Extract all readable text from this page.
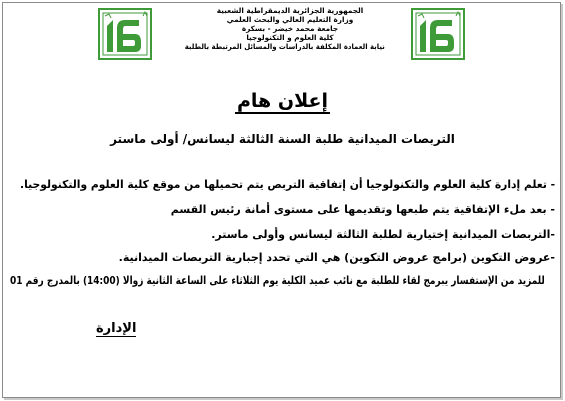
الجمهورية الجزائرية الديمقراطية الشعبية
وزارة التعليم العالي والبحث العلمي
جامعة محمد خيضر - بسكرة
كلية العلوم و التكنولوجيا
نيابة العمادة المكلفة بالدراسات والمسائل المرتبطة بالطلبة
إعلان هام
التربصات الميدانية طلبة السنة الثالثة ليسانس/ أولى ماستر
- تعلم إدارة كلية العلوم والتكنولوجيا أن إتفاقية التربص يتم تحميلها من موقع كلية العلوم والتكنولوجيا.
- بعد ملء الإتفاقية يتم طبعها وتقديمها على مستوى أمانة رئيس القسم
-التربصات الميدانية إختيارية لطلبة الثالثة ليسانس وأولى ماستر.
-عروض التكوين (برامج عروض التكوين) هي التي تحدد إجبارية التربصات الميدانية.
للمزيد من الإستفسار يبرمج لقاء للطلبة مع نائب عميد الكلية يوم الثلاثاء على الساعة الثانية زوالا (14:00) بالمدرج رقم 01
الإدارة
